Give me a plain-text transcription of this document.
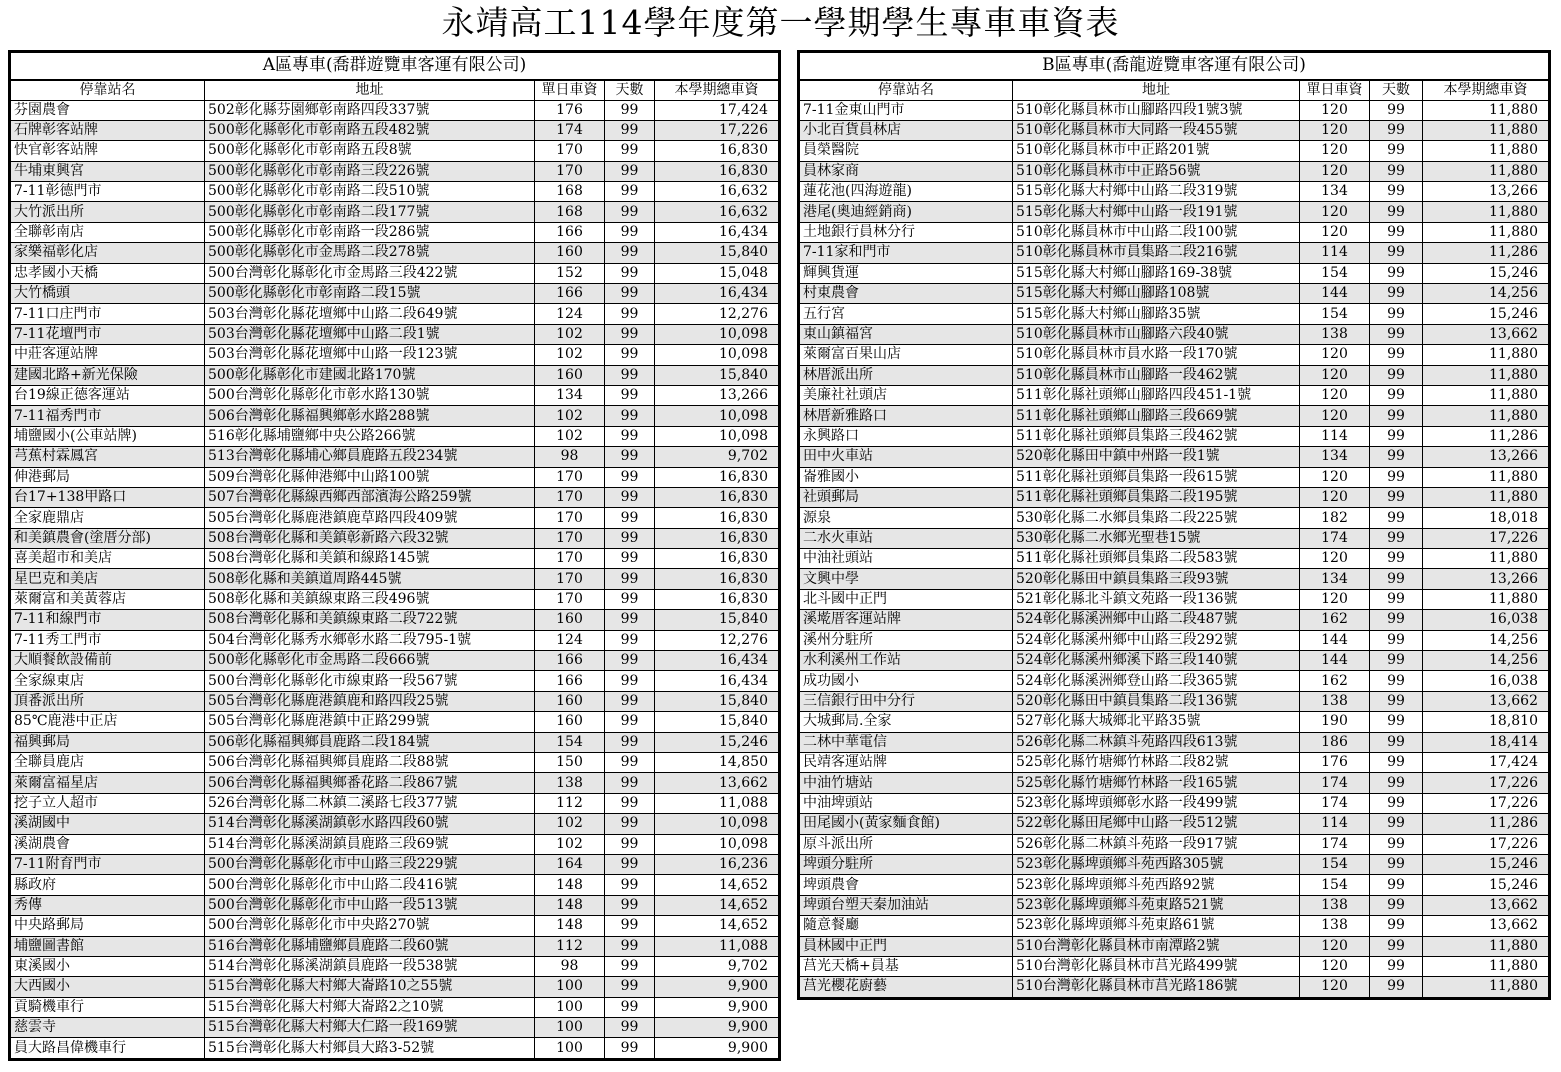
永靖高工114學年度第一學期學生專車車資表
A區專車(喬群遊覽車客運有限公司)				
停靠站名	地址	單日車資	天數	本學期總車資
芬園農會	502彰化縣芬園鄉彰南路四段337號	176	99	17,424
石牌彰客站牌	500彰化縣彰化市彰南路五段482號	174	99	17,226
快官彰客站牌	500彰化縣彰化市彰南路五段8號	170	99	16,830
牛埔東興宮	500彰化縣彰化市彰南路三段226號	170	99	16,830
7-11彰德門市	500彰化縣彰化市彰南路二段510號	168	99	16,632
大竹派出所	500彰化縣彰化市彰南路二段177號	168	99	16,632
全聯彰南店	500彰化縣彰化市彰南路一段286號	166	99	16,434
家樂福彰化店	500彰化縣彰化市金馬路二段278號	160	99	15,840
忠孝國小天橋	500台灣彰化縣彰化市金馬路三段422號	152	99	15,048
大竹橋頭	500彰化縣彰化市彰南路二段15號	166	99	16,434
7-11口庄門市	503台灣彰化縣花壇鄉中山路二段649號	124	99	12,276
7-11花壇門市	503台灣彰化縣花壇鄉中山路二段1號	102	99	10,098
中莊客運站牌	503台灣彰化縣花壇鄉中山路一段123號	102	99	10,098
建國北路+新光保險	500彰化縣彰化市建國北路170號	160	99	15,840
台19線正德客運站	500台灣彰化縣彰化市彰水路130號	134	99	13,266
7-11福秀門市	506台灣彰化縣福興鄉彰水路288號	102	99	10,098
埔鹽國小(公車站牌)	516彰化縣埔鹽鄉中央公路266號	102	99	10,098
芎蕉村霖鳳宮	513台灣彰化縣埔心鄉員鹿路五段234號	98	99	9,702
伸港郵局	509台灣彰化縣伸港鄉中山路100號	170	99	16,830
台17+138甲路口	507台灣彰化縣線西鄉西部濱海公路259號	170	99	16,830
全家鹿鼎店	505台灣彰化縣鹿港鎮鹿草路四段409號	170	99	16,830
和美鎮農會(塗厝分部)	508台灣彰化縣和美鎮彰新路六段32號	170	99	16,830
喜美超市和美店	508台灣彰化縣和美鎮和線路145號	170	99	16,830
星巴克和美店	508彰化縣和美鎮道周路445號	170	99	16,830
萊爾富和美黃蓉店	508彰化縣和美鎮線東路三段496號	170	99	16,830
7-11和線門市	508台灣彰化縣和美鎮線東路二段722號	160	99	15,840
7-11秀工門市	504台灣彰化縣秀水鄉彰水路二段795-1號	124	99	12,276
大順餐飲設備前	500彰化縣彰化市金馬路二段666號	166	99	16,434
全家線東店	500台灣彰化縣彰化市線東路一段567號	166	99	16,434
頂番派出所	505台灣彰化縣鹿港鎮鹿和路四段25號	160	99	15,840
85℃鹿港中正店	505台灣彰化縣鹿港鎮中正路299號	160	99	15,840
福興郵局	506彰化縣福興鄉員鹿路二段184號	154	99	15,246
全聯員鹿店	506台灣彰化縣福興鄉員鹿路二段88號	150	99	14,850
萊爾富福星店	506台灣彰化縣福興鄉番花路二段867號	138	99	13,662
挖子立人超市	526台灣彰化縣二林鎮二溪路七段377號	112	99	11,088
溪湖國中	514台灣彰化縣溪湖鎮彰水路四段60號	102	99	10,098
溪湖農會	514台灣彰化縣溪湖鎮員鹿路三段69號	102	99	10,098
7-11附育門市	500台灣彰化縣彰化市中山路三段229號	164	99	16,236
縣政府	500台灣彰化縣彰化市中山路二段416號	148	99	14,652
秀傳	500台灣彰化縣彰化市中山路一段513號	148	99	14,652
中央路郵局	500台灣彰化縣彰化市中央路270號	148	99	14,652
埔鹽圖書館	516台灣彰化縣埔鹽鄉員鹿路二段60號	112	99	11,088
東溪國小	514台灣彰化縣溪湖鎮員鹿路一段538號	98	99	9,702
大西國小	515台灣彰化縣大村鄉大崙路10之55號	100	99	9,900
貢騎機車行	515台灣彰化縣大村鄉大崙路2之10號	100	99	9,900
慈雲寺	515台灣彰化縣大村鄉大仁路一段169號	100	99	9,900
員大路昌偉機車行	515台灣彰化縣大村鄉員大路3-52號	100	99	9,900
B區專車(喬龍遊覽車客運有限公司)				
停靠站名	地址	單日車資	天數	本學期總車資
7-11金東山門市	510彰化縣員林市山腳路四段1號3號	120	99	11,880
小北百貨員林店	510彰化縣員林市大同路一段455號	120	99	11,880
員榮醫院	510彰化縣員林市中正路201號	120	99	11,880
員林家商	510彰化縣員林市中正路56號	120	99	11,880
蓮花池(四海遊龍)	515彰化縣大村鄉中山路二段319號	134	99	13,266
港尾(奧迪經銷商)	515彰化縣大村鄉中山路一段191號	120	99	11,880
土地銀行員林分行	510彰化縣員林市中山路二段100號	120	99	11,880
7-11家和門市	510彰化縣員林市員集路二段216號	114	99	11,286
輝興貨運	515彰化縣大村鄉山腳路169-38號	154	99	15,246
村東農會	515彰化縣大村鄉山腳路108號	144	99	14,256
五行宮	515彰化縣大村鄉山腳路35號	154	99	15,246
東山鎮福宮	510彰化縣員林市山腳路六段40號	138	99	13,662
萊爾富百果山店	510彰化縣員林市員水路一段170號	120	99	11,880
林厝派出所	510彰化縣員林市山腳路一段462號	120	99	11,880
美廉社社頭店	511彰化縣社頭鄉山腳路四段451-1號	120	99	11,880
林厝新雅路口	511彰化縣社頭鄉山腳路三段669號	120	99	11,880
永興路口	511彰化縣社頭鄉員集路三段462號	114	99	11,286
田中火車站	520彰化縣田中鎮中州路一段1號	134	99	13,266
崙雅國小	511彰化縣社頭鄉員集路一段615號	120	99	11,880
社頭郵局	511彰化縣社頭鄉員集路二段195號	120	99	11,880
源泉	530彰化縣二水鄉員集路二段225號	182	99	18,018
二水火車站	530彰化縣二水鄉光聖巷15號	174	99	17,226
中油社頭站	511彰化縣社頭鄉員集路二段583號	120	99	11,880
文興中學	520彰化縣田中鎮員集路三段93號	134	99	13,266
北斗國中正門	521彰化縣北斗鎮文苑路一段136號	120	99	11,880
溪墘厝客運站牌	524彰化縣溪洲鄉中山路二段487號	162	99	16,038
溪州分駐所	524彰化縣溪州鄉中山路三段292號	144	99	14,256
水利溪州工作站	524彰化縣溪州鄉溪下路三段140號	144	99	14,256
成功國小	524彰化縣溪洲鄉登山路二段365號	162	99	16,038
三信銀行田中分行	520彰化縣田中鎮員集路二段136號	138	99	13,662
大城郵局.全家	527彰化縣大城鄉北平路35號	190	99	18,810
二林中華電信	526彰化縣二林鎮斗苑路四段613號	186	99	18,414
民靖客運站牌	525彰化縣竹塘鄉竹林路二段82號	176	99	17,424
中油竹塘站	525彰化縣竹塘鄉竹林路一段165號	174	99	17,226
中油埤頭站	523彰化縣埤頭鄉彰水路一段499號	174	99	17,226
田尾國小(黃家麵食館)	522彰化縣田尾鄉中山路一段512號	114	99	11,286
原斗派出所	526彰化縣二林鎮斗苑路一段917號	174	99	17,226
埤頭分駐所	523彰化縣埤頭鄉斗苑西路305號	154	99	15,246
埤頭農會	523彰化縣埤頭鄉斗苑西路92號	154	99	15,246
埤頭台塑天秦加油站	523彰化縣埤頭鄉斗苑東路521號	138	99	13,662
隨意餐廳	523彰化縣埤頭鄉斗苑東路61號	138	99	13,662
員林國中正門	510台灣彰化縣員林市南潭路2號	120	99	11,880
莒光天橋+員基	510台灣彰化縣員林市莒光路499號	120	99	11,880
莒光櫻花廚藝	510台灣彰化縣員林市莒光路186號	120	99	11,880
